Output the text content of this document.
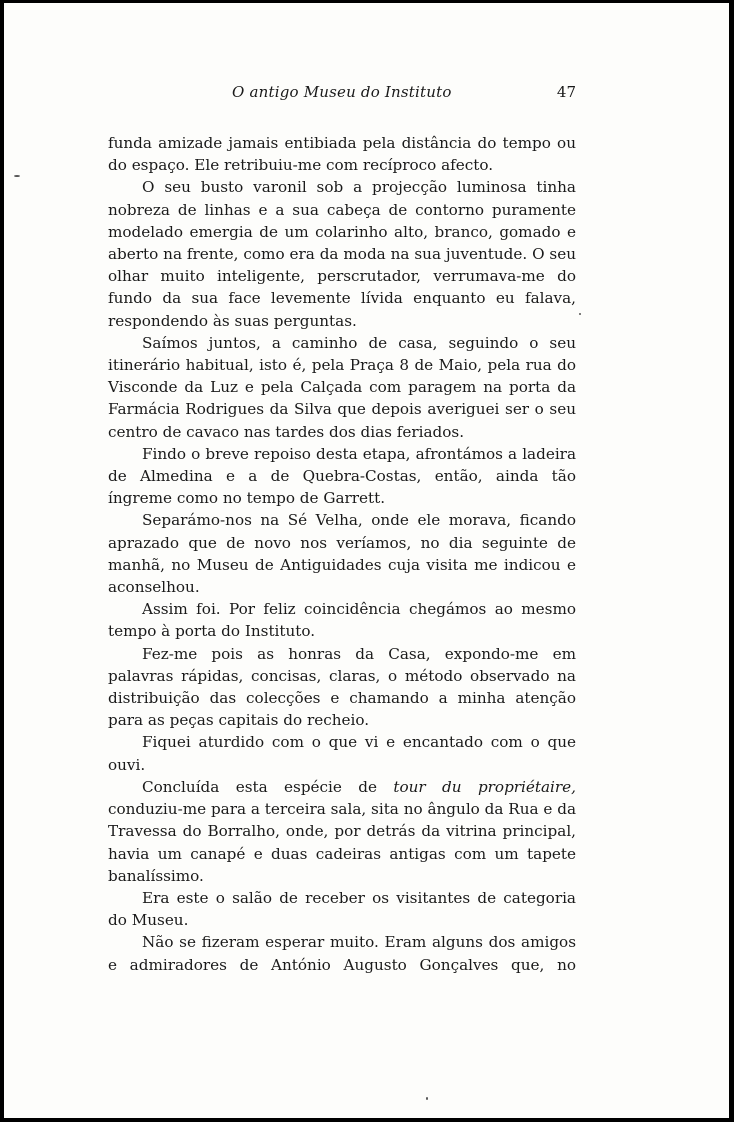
O antigo Museu do Instituto	47

funda amizade jamais entibiada pela distância do tempo ou do espaço. Ele retribuiu-me com recíproco afecto.

O seu busto varonil sob a projecção luminosa tinha nobreza de linhas e a sua cabeça de contorno puramente modelado emergia de um colarinho alto, branco, gomado e aberto na frente, como era da moda na sua juventude. O seu olhar muito inteligente, perscrutador, verrumava-me do fundo da sua face levemente lívida enquanto eu falava, respondendo às suas perguntas.

Saímos juntos, a caminho de casa, seguindo o seu itinerário habitual, isto é, pela Praça 8 de Maio, pela rua do Visconde da Luz e pela Calçada com paragem na porta da Farmácia Rodrigues da Silva que depois averiguei ser o seu centro de cavaco nas tardes dos dias feriados.

Findo o breve repoiso desta etapa, afrontámos a ladeira de Almedina e a de Quebra-Costas, então, ainda tão íngreme como no tempo de Garrett.

Separámo-nos na Sé Velha, onde ele morava, ficando aprazado que de novo nos veríamos, no dia seguinte de manhã, no Museu de Antiguidades cuja visita me indicou e aconselhou.

Assim foi. Por feliz coincidência chegámos ao mesmo tempo à porta do Instituto.

Fez-me pois as honras da Casa, expondo-me em palavras rápidas, concisas, claras, o método observado na distribuição das colecções e chamando a minha atenção para as peças capitais do recheio.

Fiquei aturdido com o que vi e encantado com o que ouvi.

Concluída esta espécie de tour du propriétaire, conduziu-me para a terceira sala, sita no ângulo da Rua e da Travessa do Borralho, onde, por detrás da vitrina principal, havia um canapé e duas cadeiras antigas com um tapete banalíssimo.

Era este o salão de receber os visitantes de categoria do Museu.

Não se fizeram esperar muito. Eram alguns dos amigos e admiradores de António Augusto Gonçalves que, no
